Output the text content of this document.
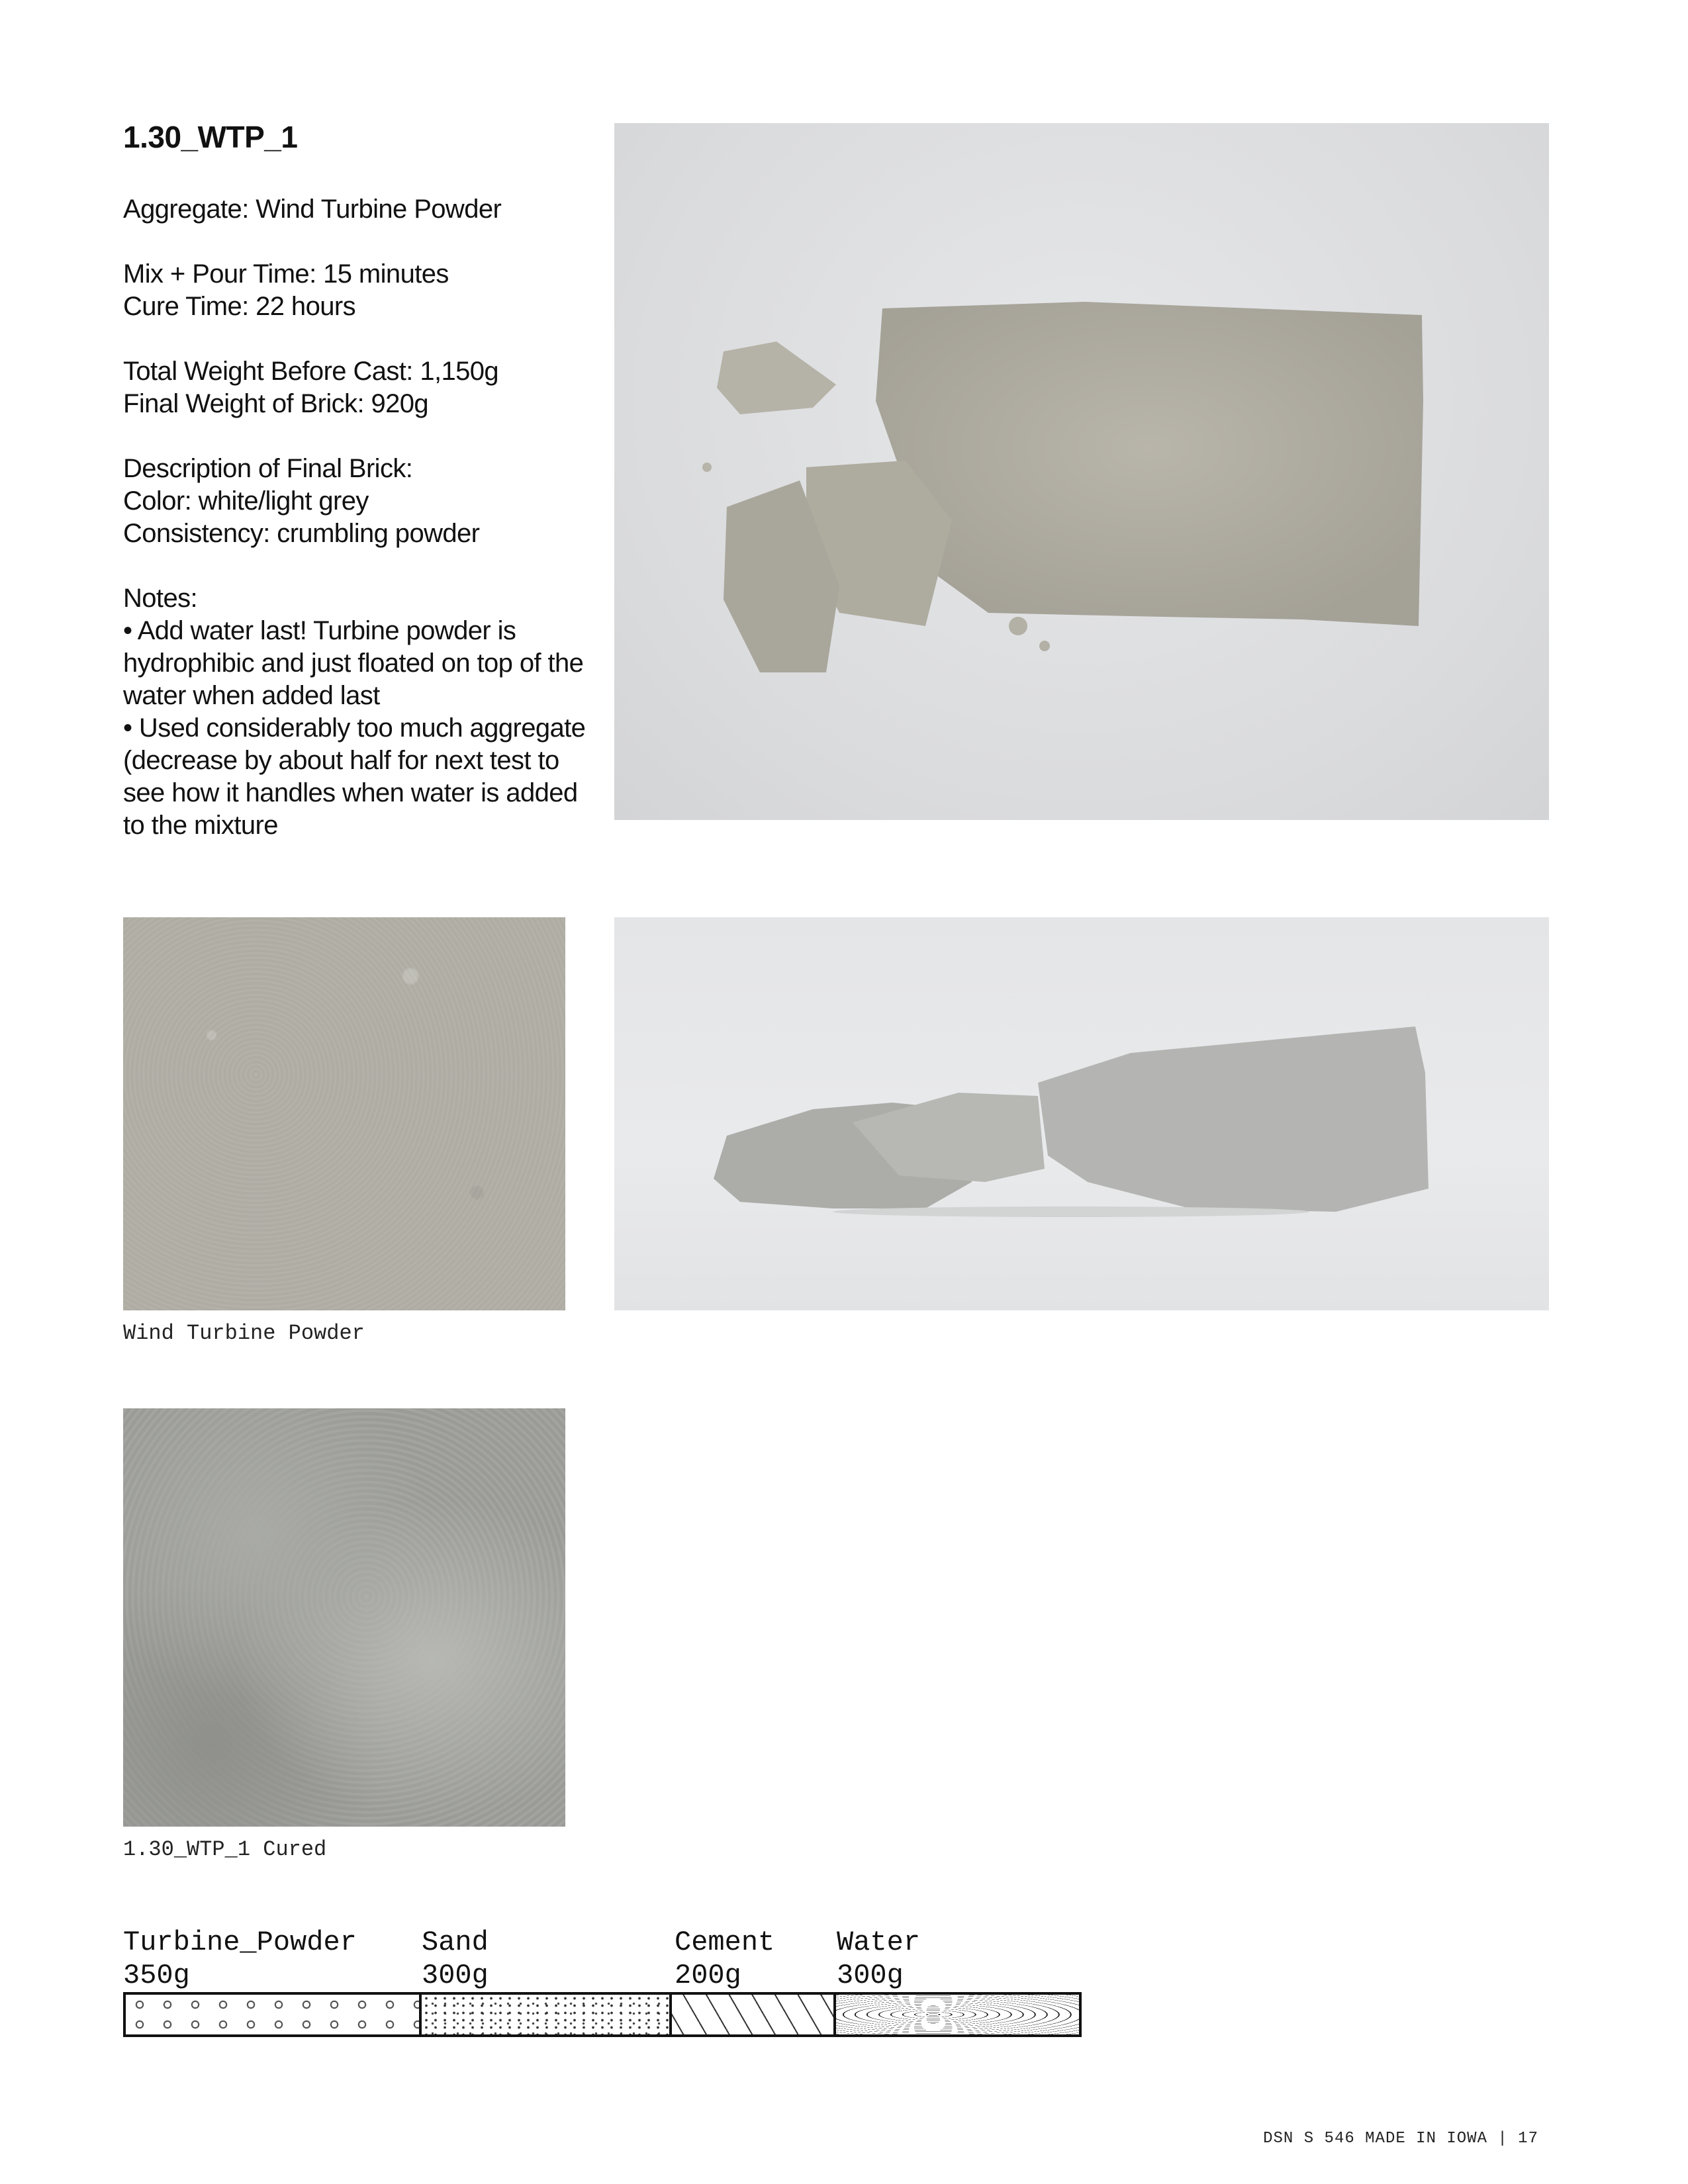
1.30_WTP_1

Aggregate: Wind Turbine Powder

Mix + Pour Time: 15 minutes

Cure Time: 22 hours

Total Weight Before Cast: 1,150g

Final Weight of Brick: 920g

Description of Final Brick:

Color: white/light grey

Consistency: crumbling powder

Notes:

• Add water last! Turbine powder is hydrophibic and just floated on top of the water when added last

• Used considerably too much aggregate (decrease by about half for next test to see how it handles when water is added to the mixture

Wind Turbine Powder
1.30_WTP_1 Cured
Turbine_Powder
350g
Sand
300g
Cement
200g
Water
300g
DSN S 546 MADE IN IOWA | 17
